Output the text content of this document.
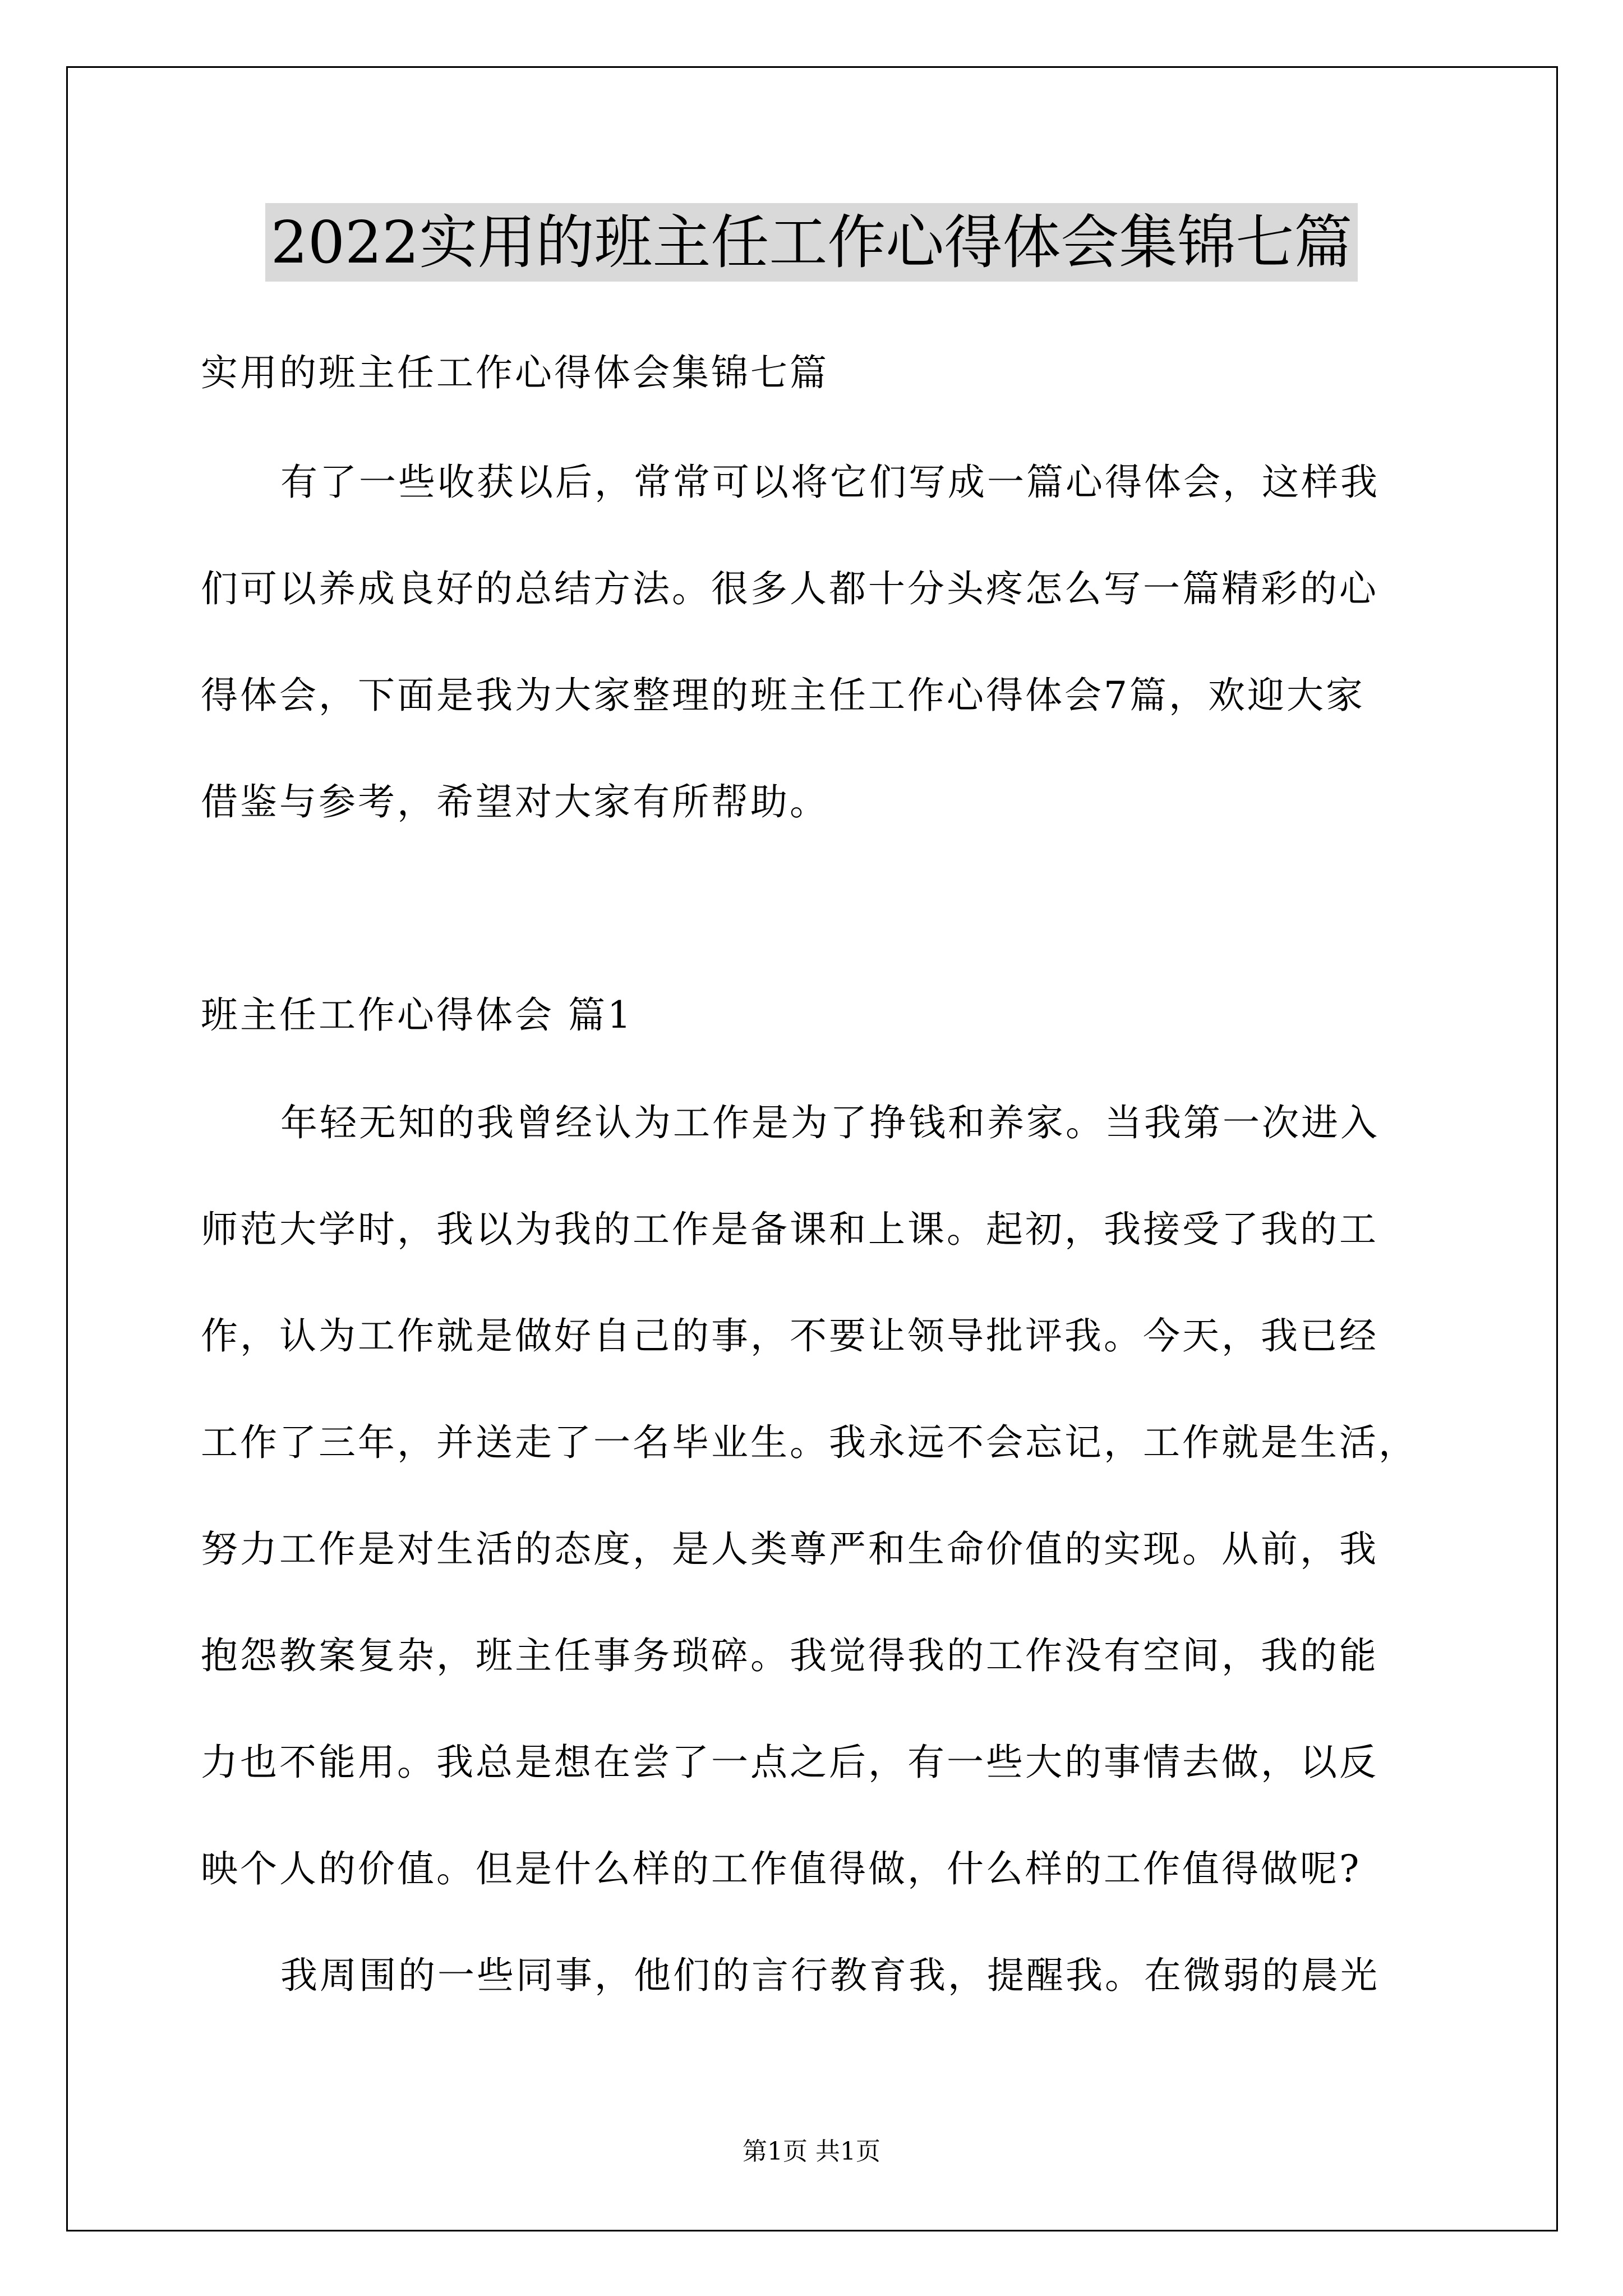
2022实用的班主任工作心得体会集锦七篇
实用的班主任工作心得体会集锦七篇
有了一些收获以后，常常可以将它们写成一篇心得体会，这样我
们可以养成良好的总结方法。很多人都十分头疼怎么写一篇精彩的心
得体会，下面是我为大家整理的班主任工作心得体会7篇，欢迎大家
借鉴与参考，希望对大家有所帮助。
班主任工作心得体会 篇1
年轻无知的我曾经认为工作是为了挣钱和养家。当我第一次进入
师范大学时，我以为我的工作是备课和上课。起初，我接受了我的工
作，认为工作就是做好自己的事，不要让领导批评我。今天，我已经
工作了三年，并送走了一名毕业生。我永远不会忘记，工作就是生活，
努力工作是对生活的态度，是人类尊严和生命价值的实现。从前，我
抱怨教案复杂，班主任事务琐碎。我觉得我的工作没有空间，我的能
力也不能用。我总是想在尝了一点之后，有一些大的事情去做，以反
映个人的价值。但是什么样的工作值得做，什么样的工作值得做呢?
我周围的一些同事，他们的言行教育我，提醒我。在微弱的晨光
第1页 共1页
